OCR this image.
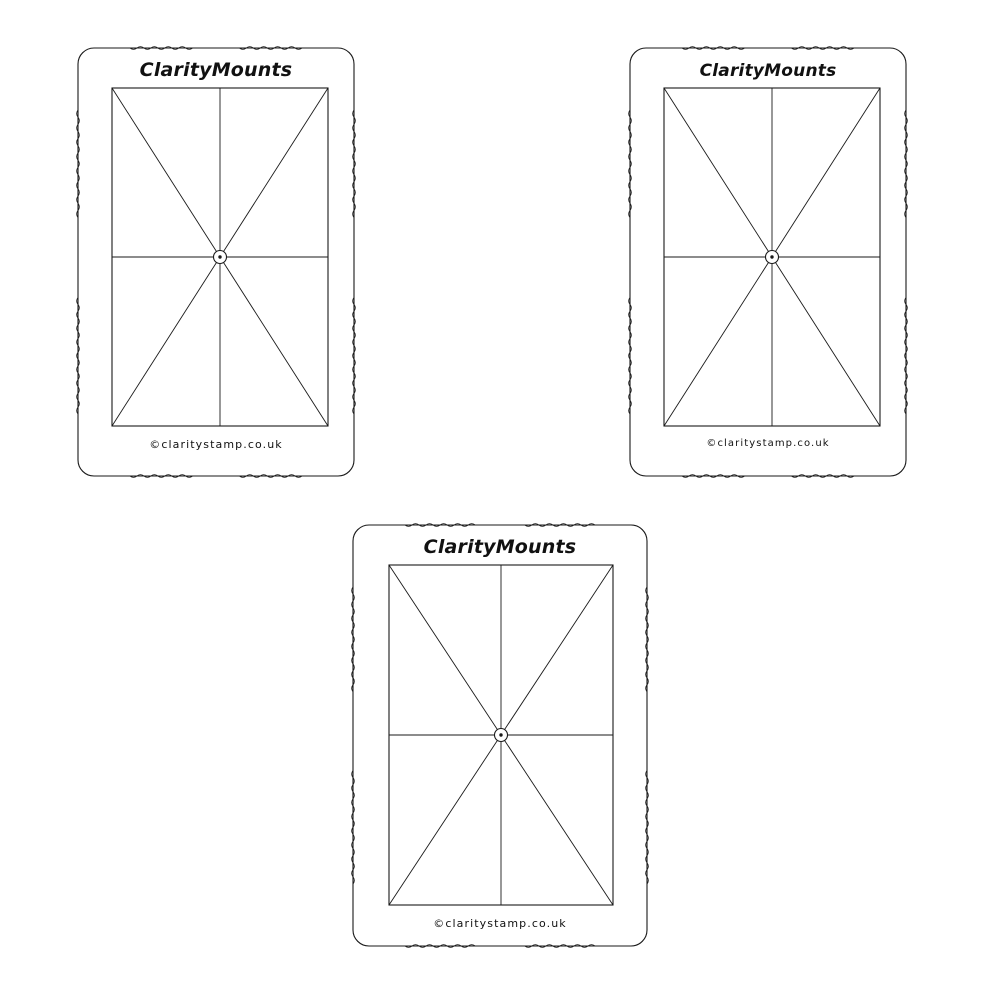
ClarityMounts
©claritystamp.co.uk
ClarityMounts
©claritystamp.co.uk
ClarityMounts
©claritystamp.co.uk
